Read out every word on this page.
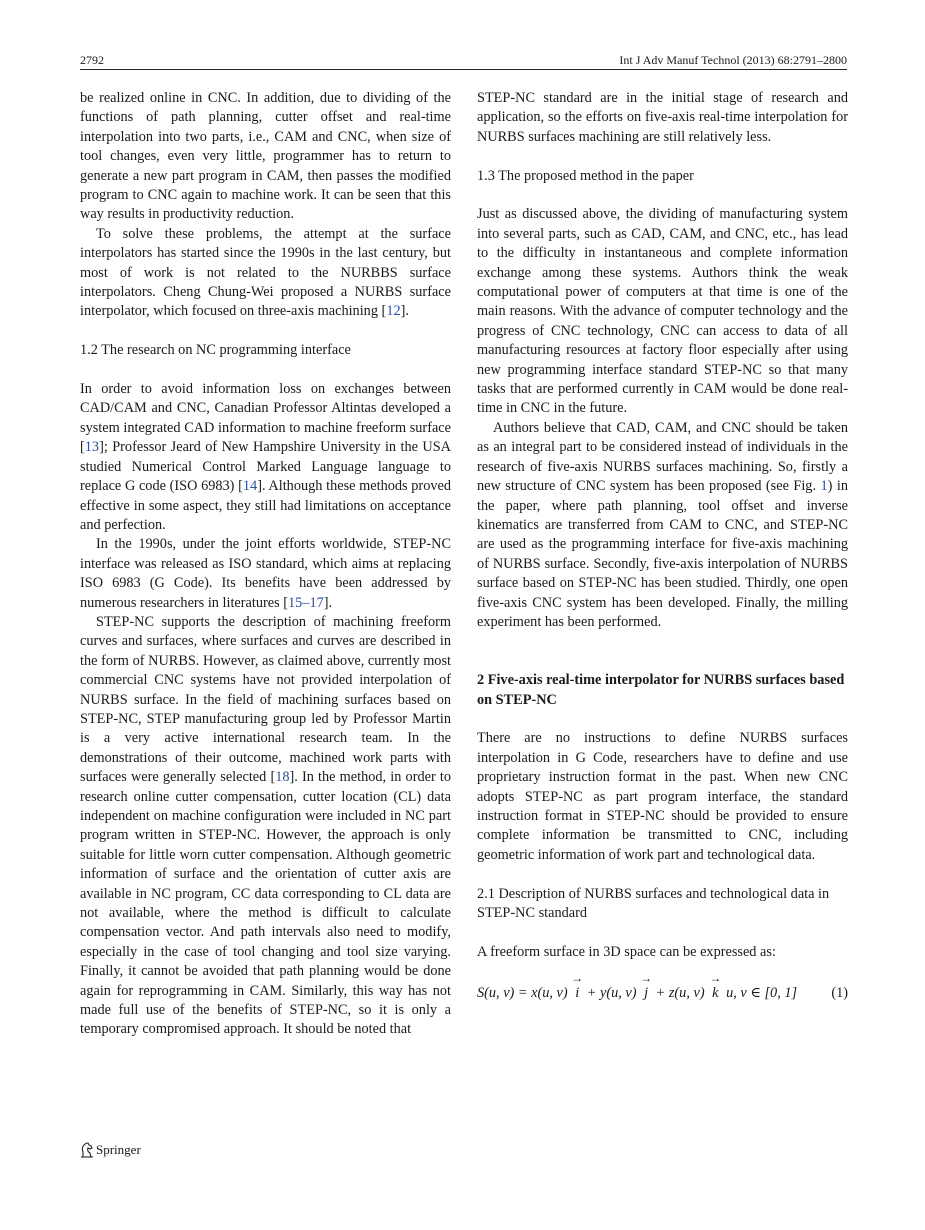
2792	Int J Adv Manuf Technol (2013) 68:2791–2800

be realized online in CNC. In addition, due to dividing of the functions of path planning, cutter offset and real-time interpolation into two parts, i.e., CAM and CNC, when size of tool changes, even very little, programmer has to return to generate a new part program in CAM, then passes the modified program to CNC again to machine work. It can be seen that this way results in productivity reduction.

To solve these problems, the attempt at the surface interpolators has started since the 1990s in the last century, but most of work is not related to the NURBBS surface interpolators. Cheng Chung-Wei proposed a NURBS surface interpolator, which focused on three-axis machining [12].

1.2 The research on NC programming interface

In order to avoid information loss on exchanges between CAD/CAM and CNC, Canadian Professor Altintas developed a system integrated CAD information to machine freeform surface [13]; Professor Jeard of New Hampshire University in the USA studied Numerical Control Marked Language language to replace G code (ISO 6983) [14]. Although these methods proved effective in some aspect, they still had limitations on acceptance and perfection.

In the 1990s, under the joint efforts worldwide, STEP-NC interface was released as ISO standard, which aims at replacing ISO 6983 (G Code). Its benefits have been addressed by numerous researchers in literatures [15–17].

STEP-NC supports the description of machining freeform curves and surfaces, where surfaces and curves are described in the form of NURBS. However, as claimed above, currently most commercial CNC systems have not provided interpolation of NURBS surface. In the field of machining surfaces based on STEP-NC, STEP manufacturing group led by Professor Martin is a very active international research team. In the demonstrations of their outcome, machined work parts with surfaces were generally selected [18]. In the method, in order to research online cutter compensation, cutter location (CL) data independent on machine configuration were included in NC part program written in STEP-NC. However, the approach is only suitable for little worn cutter compensation. Although geometric information of surface and the orientation of cutter axis are available in NC program, CC data corresponding to CL data are not available, where the method is difficult to calculate compensation vector. And path intervals also need to modify, especially in the case of tool changing and tool size varying. Finally, it cannot be avoided that path planning would be done again for reprogramming in CAM. Similarly, this way has not made full use of the benefits of STEP-NC, so it is only a temporary compromised approach. It should be noted that

STEP-NC standard are in the initial stage of research and application, so the efforts on five-axis real-time interpolation for NURBS surfaces machining are still relatively less.

1.3 The proposed method in the paper

Just as discussed above, the dividing of manufacturing system into several parts, such as CAD, CAM, and CNC, etc., has lead to the difficulty in instantaneous and complete information exchange among these systems. Authors think the weak computational power of computers at that time is one of the main reasons. With the advance of computer technology and the progress of CNC technology, CNC can access to data of all manufacturing resources at factory floor especially after using new programming interface standard STEP-NC so that many tasks that are performed currently in CAM would be done real-time in CNC in the future.

Authors believe that CAD, CAM, and CNC should be taken as an integral part to be considered instead of individuals in the research of five-axis NURBS surfaces machining. So, firstly a new structure of CNC system has been proposed (see Fig. 1) in the paper, where path planning, tool offset and inverse kinematics are transferred from CAM to CNC, and STEP-NC are used as the programming interface for five-axis machining of NURBS surface. Secondly, five-axis interpolation of NURBS surface based on STEP-NC has been studied. Thirdly, one open five-axis CNC system has been developed. Finally, the milling experiment has been performed.

2 Five-axis real-time interpolator for NURBS surfaces based on STEP-NC

There are no instructions to define NURBS surfaces interpolation in G Code, researchers have to define and use proprietary instruction format in the past. When new CNC adopts STEP-NC as part program interface, the standard instruction format in STEP-NC should be provided to ensure complete information be transmitted to CNC, including geometric information of work part and technological data.

2.1 Description of NURBS surfaces and technological data in STEP-NC standard

A freeform surface in 3D space can be expressed as:

S(u, v) = x(u, v)
→
i + y(u, v)
→
j + z(u, v)
→
k u, v ∈ [0, 1] (1)
Springer
